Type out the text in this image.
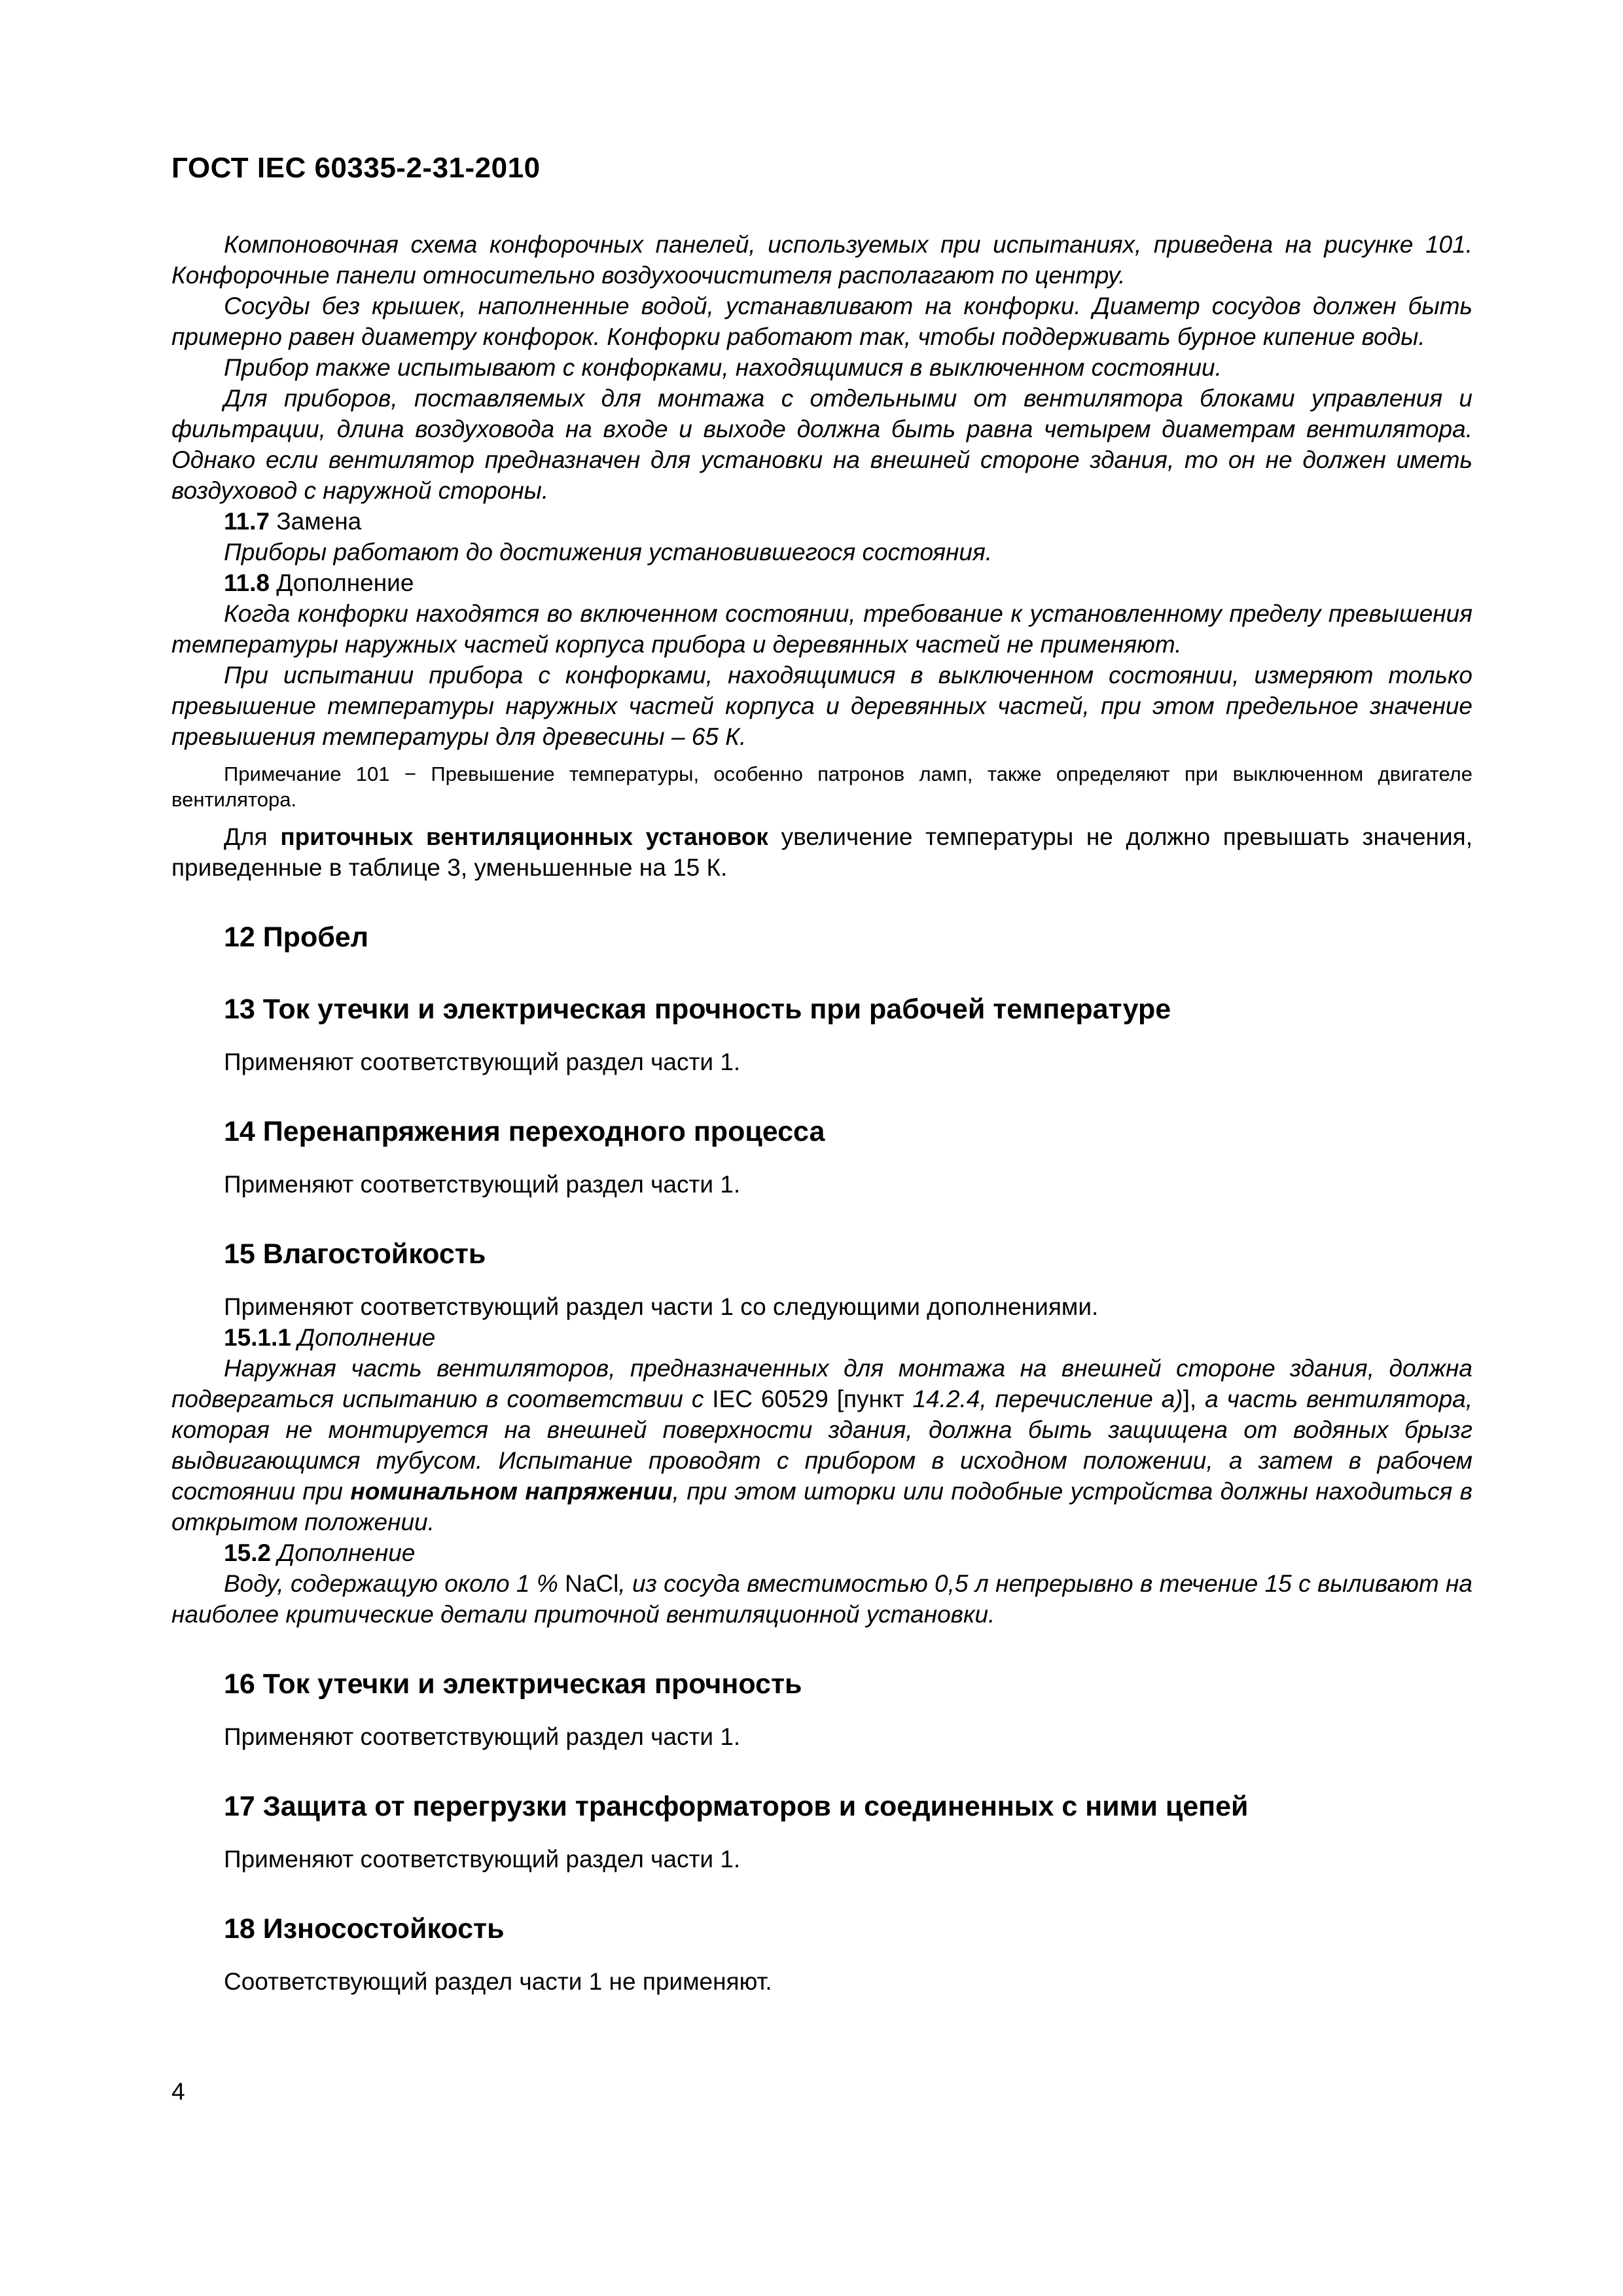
ГОСТ IEC 60335-2-31-2010

Компоновочная схема конфорочных панелей, используемых при испытаниях, приведена на рисунке 101. Конфорочные панели относительно воздухоочистителя располагают по центру.

Сосуды без крышек, наполненные водой, устанавливают на конфорки. Диаметр сосудов должен быть примерно равен диаметру конфорок. Конфорки работают так, чтобы поддерживать бурное кипение воды.

Прибор также испытывают с конфорками, находящимися в выключенном состоянии.

Для приборов, поставляемых для монтажа с отдельными от вентилятора блоками управления и фильтрации, длина воздуховода на входе и выходе должна быть равна четырем диаметрам вентилятора. Однако если вентилятор предназначен для установки на внешней стороне здания, то он не должен иметь воздуховод с наружной стороны.

11.7 Замена

Приборы работают до достижения установившегося состояния.

11.8 Дополнение

Когда конфорки находятся во включенном состоянии, требование к установленному пределу превышения температуры наружных частей корпуса прибора и деревянных частей не применяют.

При испытании прибора с конфорками, находящимися в выключенном состоянии, измеряют только превышение температуры наружных частей корпуса и деревянных частей, при этом предельное значение превышения температуры для древесины – 65 К.

Примечание 101 − Превышение температуры, особенно патронов ламп, также определяют при выключенном двигателе вентилятора.

Для приточных вентиляционных установок увеличение температуры не должно превышать значения, приведенные в таблице 3, уменьшенные на 15 К.

12 Пробел
13 Ток утечки и электрическая прочность при рабочей температуре

Применяют соответствующий раздел части 1.

14 Перенапряжения переходного процесса

Применяют соответствующий раздел части 1.

15 Влагостойкость

Применяют соответствующий раздел части 1 со следующими дополнениями.

15.1.1 Дополнение

Наружная часть вентиляторов, предназначенных для монтажа на внешней стороне здания, должна подвергаться испытанию в соответствии с IEC 60529 [пункт 14.2.4, перечисление а)], а часть вентилятора, которая не монтируется на внешней поверхности здания, должна быть защищена от водяных брызг выдвигающимся тубусом. Испытание проводят с прибором в исходном положении, а затем в рабочем состоянии при номинальном напряжении, при этом шторки или подобные устройства должны находиться в открытом положении.

15.2 Дополнение

Воду, содержащую около 1 % NaCl, из сосуда вместимостью 0,5 л непрерывно в течение 15 с выливают на наиболее критические детали приточной вентиляционной установки.

16 Ток утечки и электрическая прочность

Применяют соответствующий раздел части 1.

17 Защита от перегрузки трансформаторов и соединенных с ними цепей

Применяют соответствующий раздел части 1.

18 Износостойкость

Соответствующий раздел части 1 не применяют.

4
